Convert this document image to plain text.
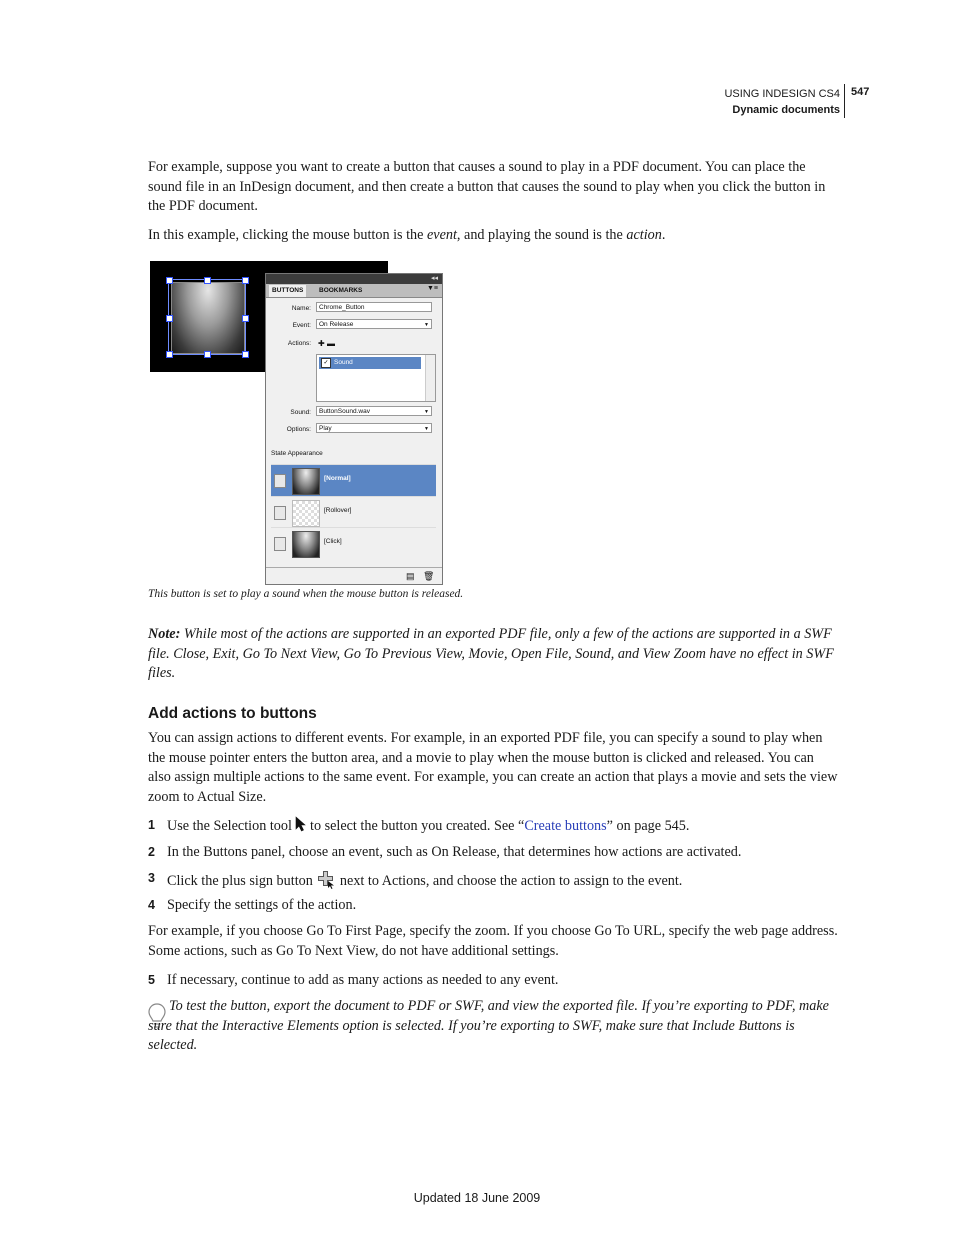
USING INDESIGN CS4
Dynamic documents
547

For example, suppose you want to create a button that causes a sound to play in a PDF document. You can place the sound file in an InDesign document, and then create a button that causes the sound to play when you click the button in the PDF document.

In this example, clicking the mouse button is the event, and playing the sound is the action.

◂◂
BUTTONS	BOOKMARKS	▼≡
Name:	Chrome_Button
Event:	On Release ▼
Actions: ✚ ▬
✓ Sound
Sound:	ButtonSound.wav ▼
Options:	Play ▼
State Appearance
[Normal]
[Rollover]
[Click]
▤ 🗑
This button is set to play a sound when the mouse button is released.

Note: While most of the actions are supported in an exported PDF file, only a few of the actions are supported in a SWF file. Close, Exit, Go To Next View, Go To Previous View, Movie, Open File, Sound, and View Zoom have no effect in SWF files.

Add actions to buttons

You can assign actions to different events. For example, in an exported PDF file, you can specify a sound to play when the mouse pointer enters the button area, and a movie to play when the mouse button is clicked and released. You can also assign multiple actions to the same event. For example, you can create an action that plays a movie and sets the view zoom to Actual Size.

1 Use the Selection tool  to select the button you created. See “Create buttons” on page 545.
2 In the Buttons panel, choose an event, such as On Release, that determines how actions are activated.
3 Click the plus sign button  next to Actions, and choose the action to assign to the event.
4 Specify the settings of the action.

For example, if you choose Go To First Page, specify the zoom. If you choose Go To URL, specify the web page address. Some actions, such as Go To Next View, do not have additional settings.

5 If necessary, continue to add as many actions as needed to any event.

To test the button, export the document to PDF or SWF, and view the exported file. If you’re exporting to PDF, make sure that the Interactive Elements option is selected. If you’re exporting to SWF, make sure that Include Buttons is selected.

Updated 18 June 2009
